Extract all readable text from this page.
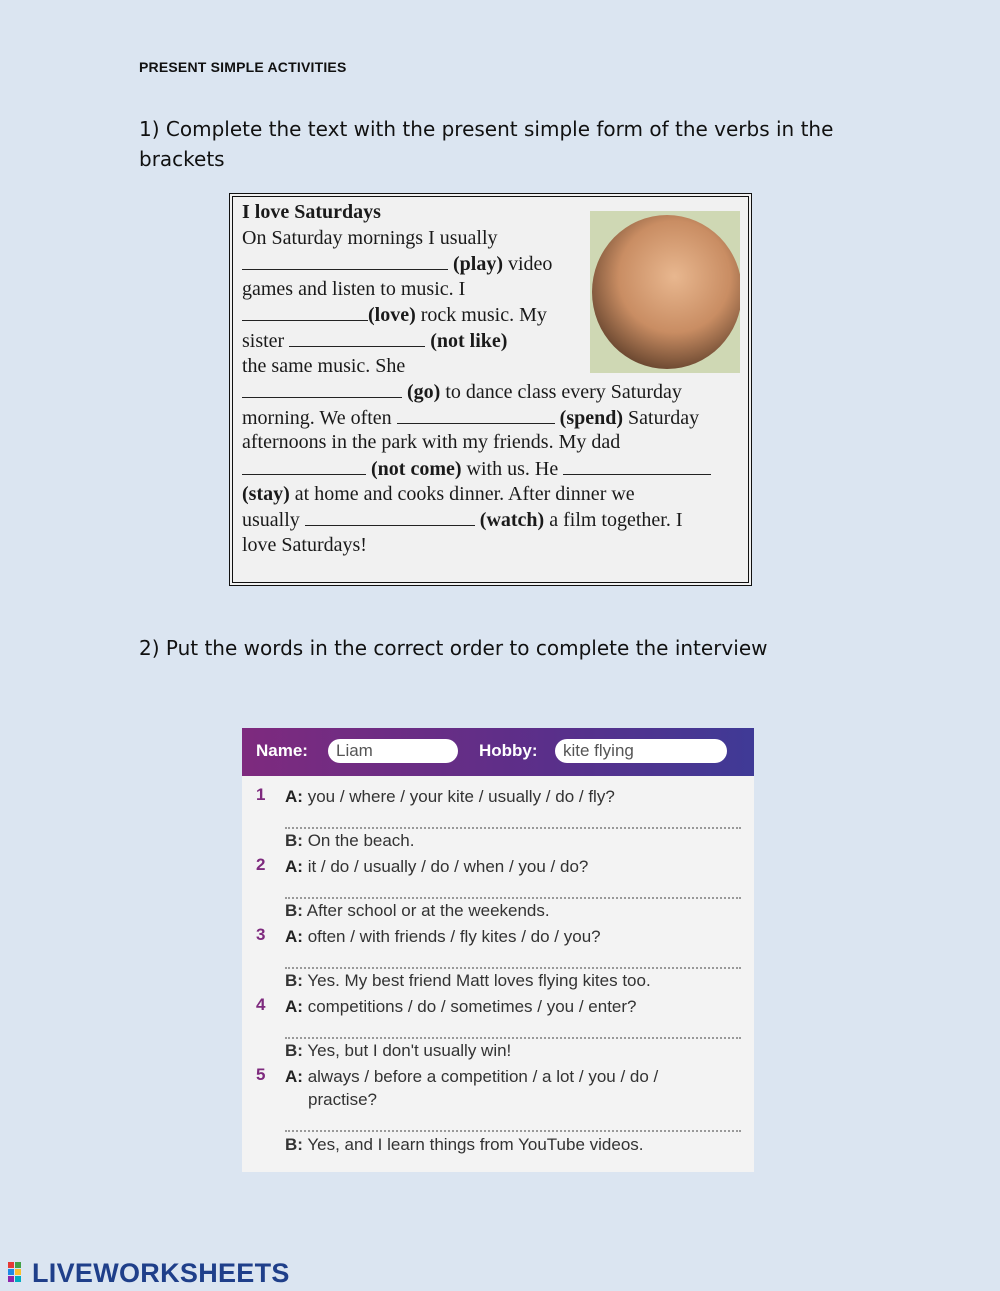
PRESENT SIMPLE ACTIVITIES
1) Complete the text with the present simple form of the verbs in the brackets
I love Saturdays
On Saturday mornings I usually
(play) video
games and listen to music. I
(love) rock music. My
sister	(not like)
the same music. She
(go) to dance class every Saturday
morning. We often	(spend) Saturday
afternoons in the park with my friends. My dad
(not come) with us. He
(stay) at home and cooks dinner. After dinner we
usually	(watch) a film together. I
love Saturdays!
2) Put the words in the correct order to complete the interview
Name:	Liam	Hobby:	kite flying
1 A: you / where / your kite / usually / do / fly?
B: On the beach.
2 A: it / do / usually / do / when / you / do?
B: After school or at the weekends.
3 A: often / with friends / fly kites / do / you?
B: Yes. My best friend Matt loves flying kites too.
4 A: competitions / do / sometimes / you / enter?
B: Yes, but I don't usually win!
5 A: always / before a competition / a lot / you / do /
practise?
B: Yes, and I learn things from YouTube videos.
LIVEWORKSHEETS
